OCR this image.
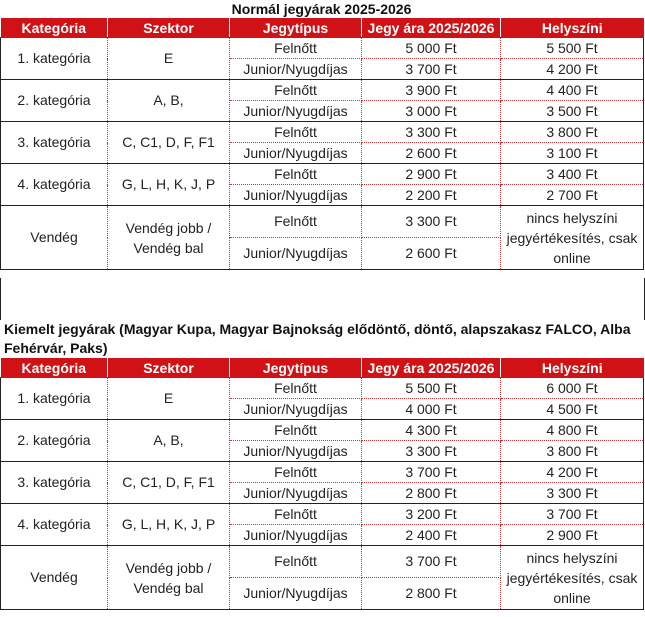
Normál jegyárak 2025-2026
Kategória	Szektor	Jegytípus	Jegy ára 2025/2026	Helyszíni
1. kategória	E	Felnőtt	5 000 Ft	5 500 Ft
		Junior/Nyugdíjas	3 700 Ft	4 200 Ft
2. kategória	A, B,	Felnőtt	3 900 Ft	4 400 Ft
		Junior/Nyugdíjas	3 000 Ft	3 500 Ft
3. kategória	C, C1, D, F, F1	Felnőtt	3 300 Ft	3 800 Ft
		Junior/Nyugdíjas	2 600 Ft	3 100 Ft
4. kategória	G, L, H, K, J, P	Felnőtt	2 900 Ft	3 400 Ft
		Junior/Nyugdíjas	2 200 Ft	2 700 Ft
Vendég	Vendég jobb / Vendég bal	Felnőtt	3 300 Ft	nincs helyszíni jegyértékesítés, csak online
		Junior/Nyugdíjas	2 600 Ft	
Kiemelt jegyárak (Magyar Kupa, Magyar Bajnokság elődöntő, döntő, alapszakasz FALCO, Alba Fehérvár, Paks)
Kategória	Szektor	Jegytípus	Jegy ára 2025/2026	Helyszíni
1. kategória	E	Felnőtt	5 500 Ft	6 000 Ft
		Junior/Nyugdíjas	4 000 Ft	4 500 Ft
2. kategória	A, B,	Felnőtt	4 300 Ft	4 800 Ft
		Junior/Nyugdíjas	3 300 Ft	3 800 Ft
3. kategória	C, C1, D, F, F1	Felnőtt	3 700 Ft	4 200 Ft
		Junior/Nyugdíjas	2 800 Ft	3 300 Ft
4. kategória	G, L, H, K, J, P	Felnőtt	3 200 Ft	3 700 Ft
		Junior/Nyugdíjas	2 400 Ft	2 900 Ft
Vendég	Vendég jobb / Vendég bal	Felnőtt	3 700 Ft	nincs helyszíni jegyértékesítés, csak online
		Junior/Nyugdíjas	2 800 Ft	
